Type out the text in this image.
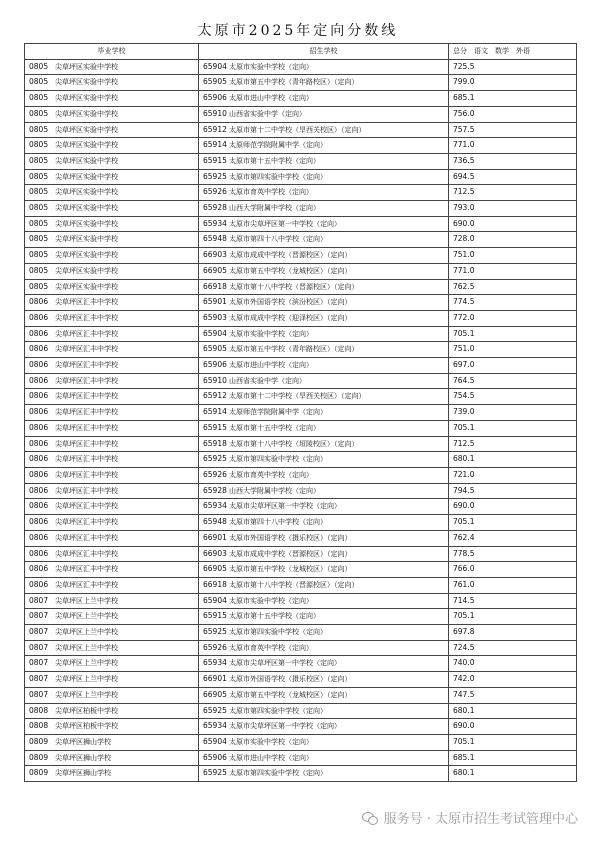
太原市2025年定向分数线
毕业学校	招生学校	总分　语文　数学　外语
0805 尖草坪区实验中学校	65904 太原市实验中学校（定向）	725.5
0805 尖草坪区实验中学校	65905 太原市第五中学校（青年路校区）（定向）	799.0
0805 尖草坪区实验中学校	65906 太原市进山中学校（定向）	685.1
0805 尖草坪区实验中学校	65910 山西省实验中学（定向）	756.0
0805 尖草坪区实验中学校	65912 太原市第十二中学校（旱西关校区）（定向）	757.5
0805 尖草坪区实验中学校	65914 太原师范学院附属中学（定向）	771.0
0805 尖草坪区实验中学校	65915 太原市第十五中学校（定向）	736.5
0805 尖草坪区实验中学校	65925 太原市第四实验中学校（定向）	694.5
0805 尖草坪区实验中学校	65926 太原市育英中学校（定向）	712.5
0805 尖草坪区实验中学校	65928 山西大学附属中学校（定向）	793.0
0805 尖草坪区实验中学校	65934 太原市尖草坪区第一中学校（定向）	690.0
0805 尖草坪区实验中学校	65948 太原市第四十八中学校（定向）	728.0
0805 尖草坪区实验中学校	66903 太原市成成中学校（晋源校区）（定向）	751.0
0805 尖草坪区实验中学校	66905 太原市第五中学校（龙城校区）（定向）	771.0
0805 尖草坪区实验中学校	66918 太原市第十八中学校（晋源校区）（定向）	762.5
0806 尖草坪区汇丰中学校	65901 太原市外国语学校（滨汾校区）（定向）	774.5
0806 尖草坪区汇丰中学校	65903 太原市成成中学校（迎泽校区）（定向）	772.0
0806 尖草坪区汇丰中学校	65904 太原市实验中学校（定向）	705.1
0806 尖草坪区汇丰中学校	65905 太原市第五中学校（青年路校区）（定向）	751.0
0806 尖草坪区汇丰中学校	65906 太原市进山中学校（定向）	697.0
0806 尖草坪区汇丰中学校	65910 山西省实验中学（定向）	764.5
0806 尖草坪区汇丰中学校	65912 太原市第十二中学校（旱西关校区）（定向）	754.5
0806 尖草坪区汇丰中学校	65914 太原师范学院附属中学（定向）	739.0
0806 尖草坪区汇丰中学校	65915 太原市第十五中学校（定向）	705.1
0806 尖草坪区汇丰中学校	65918 太原市第十八中学校（垣陵校区）（定向）	712.5
0806 尖草坪区汇丰中学校	65925 太原市第四实验中学校（定向）	680.1
0806 尖草坪区汇丰中学校	65926 太原市育英中学校（定向）	721.0
0806 尖草坪区汇丰中学校	65928 山西大学附属中学校（定向）	794.5
0806 尖草坪区汇丰中学校	65934 太原市尖草坪区第一中学校（定向）	690.0
0806 尖草坪区汇丰中学校	65948 太原市第四十八中学校（定向）	705.1
0806 尖草坪区汇丰中学校	66901 太原市外国语学校（摄乐校区）（定向）	762.4
0806 尖草坪区汇丰中学校	66903 太原市成成中学校（晋源校区）（定向）	778.5
0806 尖草坪区汇丰中学校	66905 太原市第五中学校（龙城校区）（定向）	766.0
0806 尖草坪区汇丰中学校	66918 太原市第十八中学校（晋源校区）（定向）	761.0
0807 尖草坪区上兰中学校	65904 太原市实验中学校（定向）	714.5
0807 尖草坪区上兰中学校	65915 太原市第十五中学校（定向）	705.1
0807 尖草坪区上兰中学校	65925 太原市第四实验中学校（定向）	697.8
0807 尖草坪区上兰中学校	65926 太原市育英中学校（定向）	724.5
0807 尖草坪区上兰中学校	65934 太原市尖草坪区第一中学校（定向）	740.0
0807 尖草坪区上兰中学校	66901 太原市外国语学校（摄乐校区）（定向）	742.0
0807 尖草坪区上兰中学校	66905 太原市第五中学校（龙城校区）（定向）	747.5
0808 尖草坪区柏板中学校	65925 太原市第四实验中学校（定向）	680.1
0808 尖草坪区柏板中学校	65934 太原市尖草坪区第一中学校（定向）	690.0
0809 尖草坪区狮山学校	65904 太原市实验中学校（定向）	705.1
0809 尖草坪区狮山学校	65906 太原市进山中学校（定向）	685.1
0809 尖草坪区狮山学校	65925 太原市第四实验中学校（定向）	680.1
服务号 · 太原市招生考试管理中心
